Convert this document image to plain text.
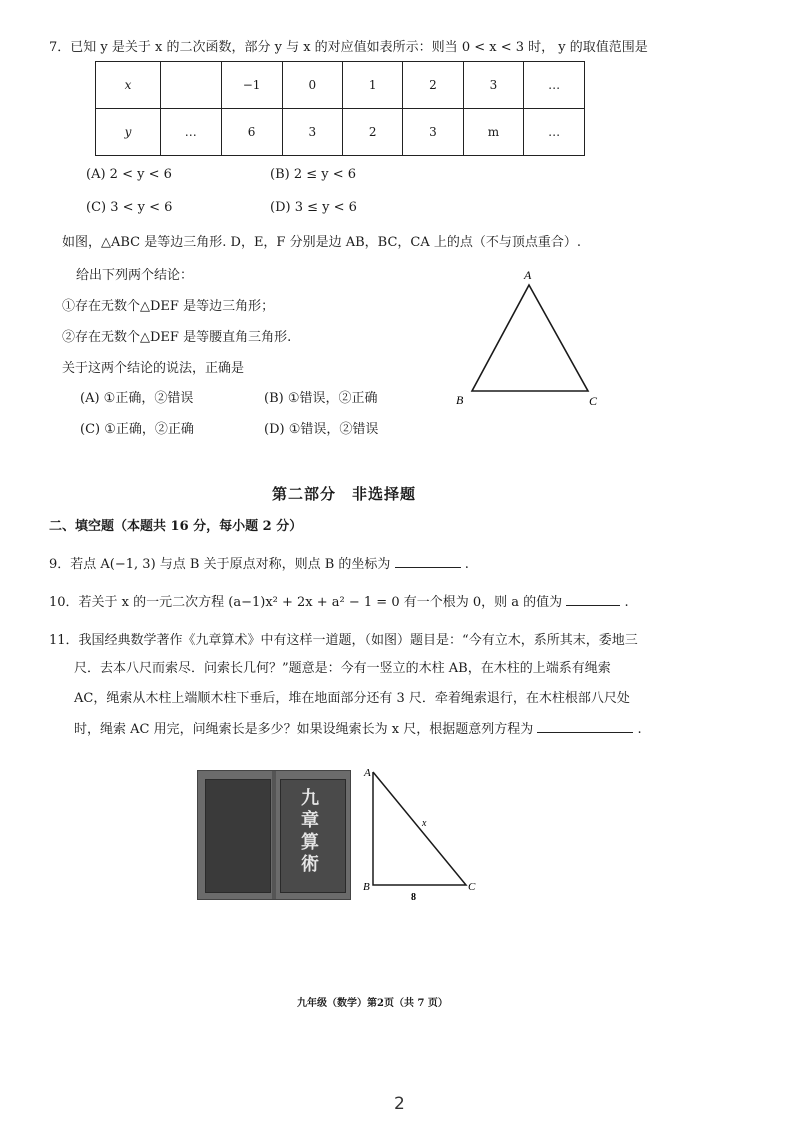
7．已知 y 是关于 x 的二次函数，部分 y 与 x 的对应值如表所示：则当 0 < x < 3 时， y 的取值范围是
x		−1	0	1	2	3	…
y	…	6	3	2	3	m	…
(A) 2 < y < 6	(B) 2 ≤ y < 6
(C) 3 < y < 6	(D) 3 ≤ y < 6
如图，△ABC 是等边三角形. D，E，F 分别是边 AB，BC，CA 上的点（不与顶点重合）.
给出下列两个结论：
①存在无数个△DEF 是等边三角形；
②存在无数个△DEF 是等腰直角三角形.
关于这两个结论的说法，正确是
(A) ①正确，②错误	(B) ①错误，②正确
(C) ①正确，②正确	(D) ①错误，②错误
A
B	C
第二部分　非选择题
二、填空题（本题共 16 分，每小题 2 分）
9．若点 A(−1, 3) 与点 B 关于原点对称，则点 B 的坐标为	.
10．若关于 x 的一元二次方程 (a−1)x² + 2x + a² − 1 = 0 有一个根为 0，则 a 的值为	.
11．我国经典数学著作《九章算术》中有这样一道题，（如图）题目是：“今有立木，系所其末，委地三
尺．去本八尺而索尽．问索长几何？”题意是：今有一竖立的木柱 AB，在木柱的上端系有绳索
AC，绳索从木柱上端顺木柱下垂后，堆在地面部分还有 3 尺．牵着绳索退行，在木柱根部八尺处
时，绳索 AC 用完，问绳索长是多少？如果设绳索长为 x 尺，根据题意列方程为	.
九章算術
A
B	C
x
8
九年级（数学）第2页（共 7 页）
2
